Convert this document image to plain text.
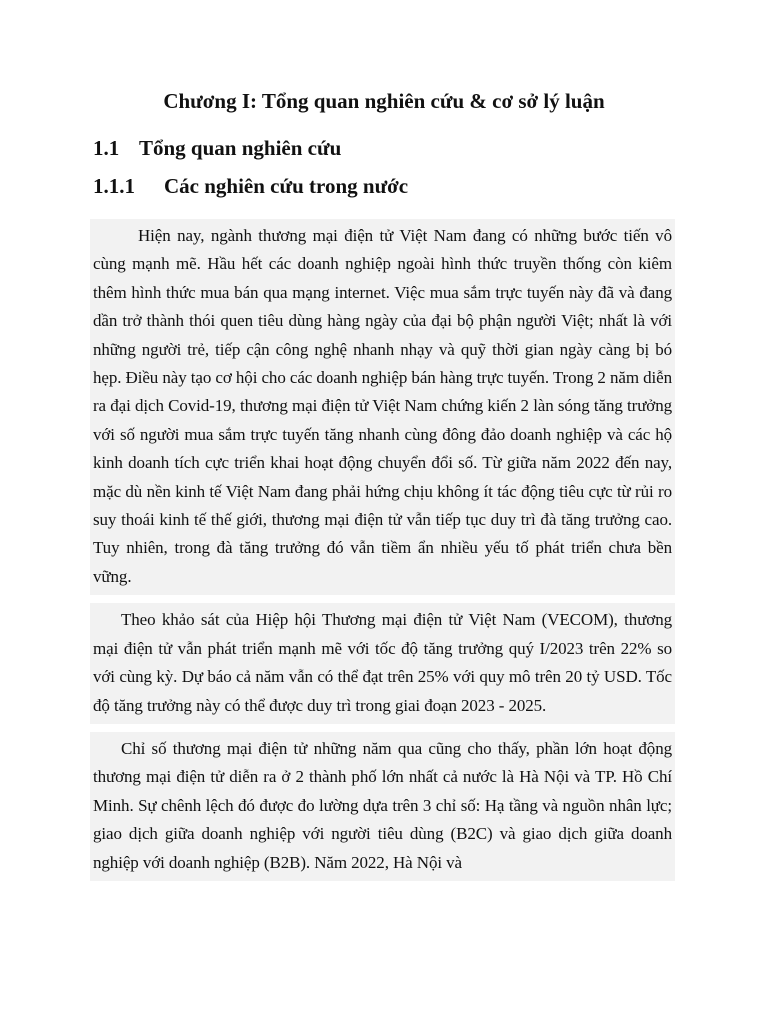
Chương I: Tổng quan nghiên cứu & cơ sở lý luận
1.1 Tổng quan nghiên cứu
1.1.1 Các nghiên cứu trong nước

Hiện nay, ngành thương mại điện tử Việt Nam đang có những bước tiến vô cùng mạnh mẽ. Hầu hết các doanh nghiệp ngoài hình thức truyền thống còn kiêm thêm hình thức mua bán qua mạng internet. Việc mua sắm trực tuyến này đã và đang dần trở thành thói quen tiêu dùng hàng ngày của đại bộ phận người Việt; nhất là với những người trẻ, tiếp cận công nghệ nhanh nhạy và quỹ thời gian ngày càng bị bó hẹp. Điều này tạo cơ hội cho các doanh nghiệp bán hàng trực tuyến. Trong 2 năm diễn ra đại dịch Covid-19, thương mại điện tử Việt Nam chứng kiến 2 làn sóng tăng trưởng với số người mua sắm trực tuyến tăng nhanh cùng đông đảo doanh nghiệp và các hộ kinh doanh tích cực triển khai hoạt động chuyển đổi số. Từ giữa năm 2022 đến nay, mặc dù nền kinh tế Việt Nam đang phải hứng chịu không ít tác động tiêu cực từ rủi ro suy thoái kinh tế thế giới, thương mại điện tử vẫn tiếp tục duy trì đà tăng trưởng cao. Tuy nhiên, trong đà tăng trưởng đó vẫn tiềm ẩn nhiều yếu tố phát triển chưa bền vững.

Theo khảo sát của Hiệp hội Thương mại điện tử Việt Nam (VECOM), thương mại điện tử vẫn phát triển mạnh mẽ với tốc độ tăng trưởng quý I/2023 trên 22% so với cùng kỳ. Dự báo cả năm vẫn có thể đạt trên 25% với quy mô trên 20 tỷ USD. Tốc độ tăng trưởng này có thể được duy trì trong giai đoạn 2023 - 2025.

Chỉ số thương mại điện tử những năm qua cũng cho thấy, phần lớn hoạt động thương mại điện tử diễn ra ở 2 thành phố lớn nhất cả nước là Hà Nội và TP. Hồ Chí Minh. Sự chênh lệch đó được đo lường dựa trên 3 chỉ số: Hạ tầng và nguồn nhân lực; giao dịch giữa doanh nghiệp với người tiêu dùng (B2C) và giao dịch giữa doanh nghiệp với doanh nghiệp (B2B). Năm 2022, Hà Nội và
